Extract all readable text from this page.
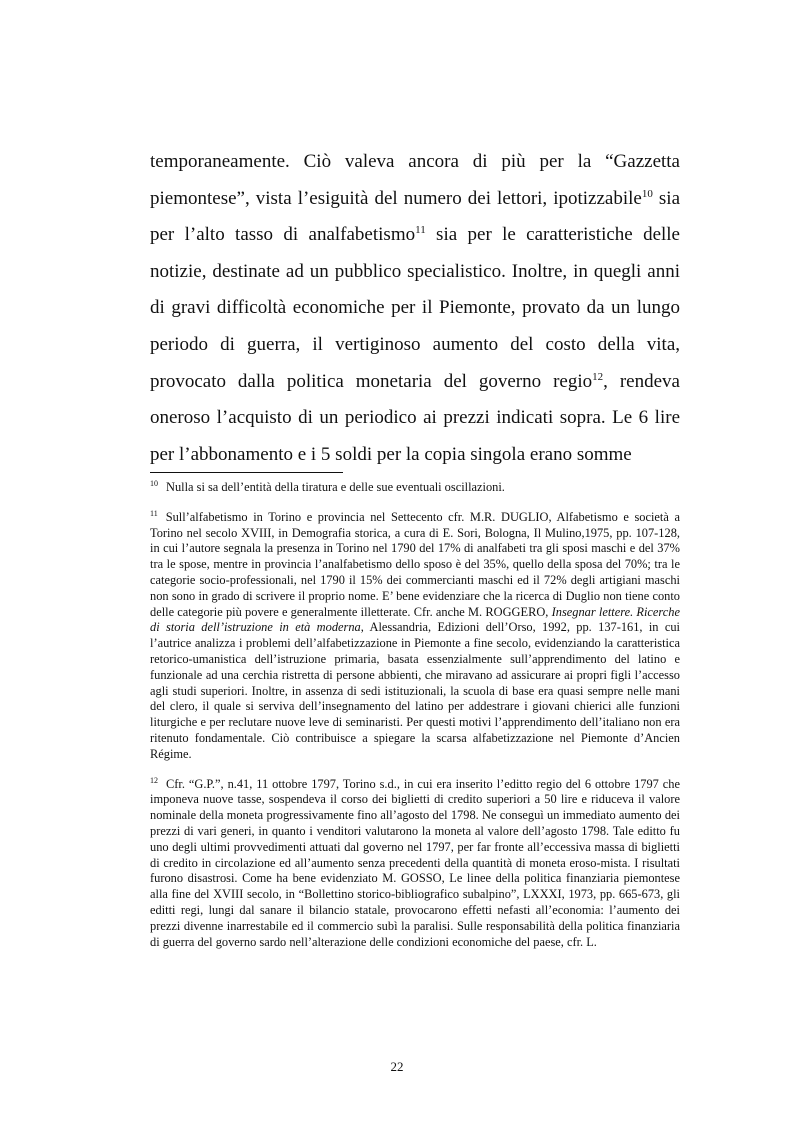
temporaneamente. Ciò valeva ancora di più per la “Gazzetta piemontese”, vista l’esiguità del numero dei lettori, ipotizzabile$^{10}$ sia per l’alto tasso di analfabetismo$^{11}$ sia per le caratteristiche delle notizie, destinate ad un pubblico specialistico. Inoltre, in quegli anni di gravi difficoltà economiche per il Piemonte, provato da un lungo periodo di guerra, il vertiginoso aumento del costo della vita, provocato dalla politica monetaria del governo regio$^{12}$, rendeva oneroso l’acquisto di un periodico ai prezzi indicati sopra. Le 6 lire per l’abbonamento e i 5 soldi per la copia singola erano somme

$^{10}$ Nulla si sa dell’entità della tiratura e delle sue eventuali oscillazioni.

$^{11}$ Sull’alfabetismo in Torino e provincia nel Settecento cfr. M.R. DUGLIO, Alfabetismo e società a Torino nel secolo XVIII, in Demografia storica, a cura di E. Sori, Bologna, Il Mulino,1975, pp. 107-128, in cui l’autore segnala la presenza in Torino nel 1790 del 17% di analfabeti tra gli sposi maschi e del 37% tra le spose, mentre in provincia l’analfabetismo dello sposo è del 35%, quello della sposa del 70%; tra le categorie socio-professionali, nel 1790 il 15% dei commercianti maschi ed il 72% degli artigiani maschi non sono in grado di scrivere il proprio nome. E’ bene evidenziare che la ricerca di Duglio non tiene conto delle categorie più povere e generalmente illetterate. Cfr. anche M. ROGGERO, Insegnar lettere. Ricerche di storia dell’istruzione in età moderna, Alessandria, Edizioni dell’Orso, 1992, pp. 137-161, in cui l’autrice analizza i problemi dell’alfabetizzazione in Piemonte a fine secolo, evidenziando la caratteristica retorico-umanistica dell’istruzione primaria, basata essenzialmente sull’apprendimento del latino e funzionale ad una cerchia ristretta di persone abbienti, che miravano ad assicurare ai propri figli l’accesso agli studi superiori. Inoltre, in assenza di sedi istituzionali, la scuola di base era quasi sempre nelle mani del clero, il quale si serviva dell’insegnamento del latino per addestrare i giovani chierici alle funzioni liturgiche e per reclutare nuove leve di seminaristi. Per questi motivi l’apprendimento dell’italiano non era ritenuto fondamentale. Ciò contribuisce a spiegare la scarsa alfabetizzazione nel Piemonte d’Ancien Régime.

$^{12}$ Cfr. “G.P.”, n.41, 11 ottobre 1797, Torino s.d., in cui era inserito l’editto regio del 6 ottobre 1797 che imponeva nuove tasse, sospendeva il corso dei biglietti di credito superiori a 50 lire e riduceva il valore nominale della moneta progressivamente fino all’agosto del 1798. Ne conseguì un immediato aumento dei prezzi di vari generi, in quanto i venditori valutarono la moneta al valore dell’agosto 1798. Tale editto fu uno degli ultimi provvedimenti attuati dal governo nel 1797, per far fronte all’eccessiva massa di biglietti di credito in circolazione ed all’aumento senza precedenti della quantità di moneta eroso-mista. I risultati furono disastrosi. Come ha bene evidenziato M. GOSSO, Le linee della politica finanziaria piemontese alla fine del XVIII secolo, in “Bollettino storico-bibliografico subalpino”, LXXXI, 1973, pp. 665-673, gli editti regi, lungi dal sanare il bilancio statale, provocarono effetti nefasti all’economia: l’aumento dei prezzi divenne inarrestabile ed il commercio subì la paralisi. Sulle responsabilità della politica finanziaria di guerra del governo sardo nell’alterazione delle condizioni economiche del paese, cfr. L.

22
